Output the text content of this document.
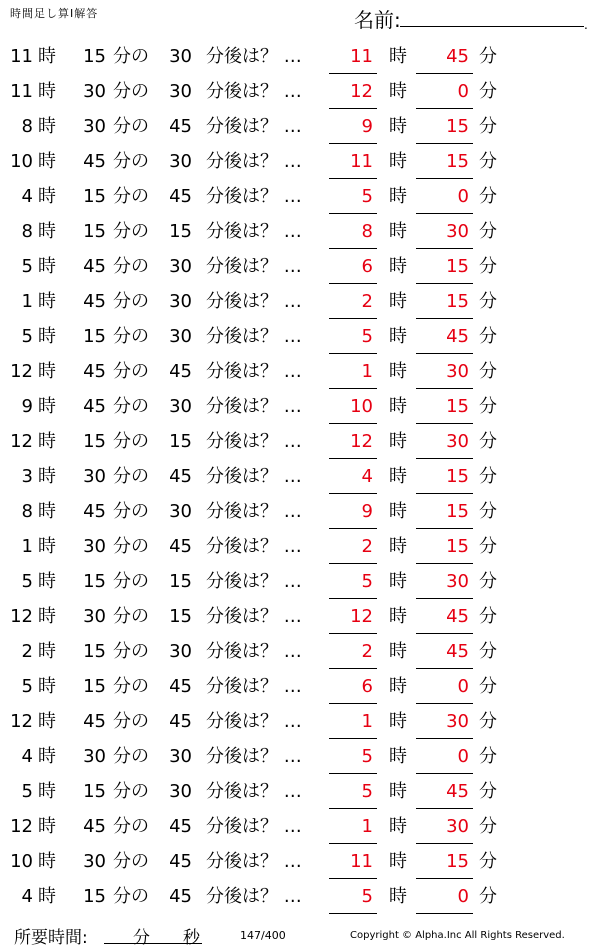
時間足し算Ⅰ解答	名前:	.
11 時 15 分の 30 分後は？ …	11 時	45 分
11 時 30 分の 30 分後は？ …	12 時	0 分
8 時 30 分の 45 分後は？ …	9 時	15 分
10 時 45 分の 30 分後は？ …	11 時	15 分
4 時 15 分の 45 分後は？ …	5 時	0 分
8 時 15 分の 15 分後は？ …	8 時	30 分
5 時 45 分の 30 分後は？ …	6 時	15 分
1 時 45 分の 30 分後は？ …	2 時	15 分
5 時 15 分の 30 分後は？ …	5 時	45 分
12 時 45 分の 45 分後は？ …	1 時	30 分
9 時 45 分の 30 分後は？ …	10 時	15 分
12 時 15 分の 15 分後は？ …	12 時	30 分
3 時 30 分の 45 分後は？ …	4 時	15 分
8 時 45 分の 30 分後は？ …	9 時	15 分
1 時 30 分の 45 分後は？ …	2 時	15 分
5 時 15 分の 15 分後は？ …	5 時	30 分
12 時 30 分の 15 分後は？ …	12 時	45 分
2 時 15 分の 30 分後は？ …	2 時	45 分
5 時 15 分の 45 分後は？ …	6 時	0 分
12 時 45 分の 45 分後は？ …	1 時	30 分
4 時 30 分の 30 分後は？ …	5 時	0 分
5 時 15 分の 30 分後は？ …	5 時	45 分
12 時 45 分の 45 分後は？ …	1 時	30 分
10 時 30 分の 45 分後は？ …	11 時	15 分
4 時 15 分の 45 分後は？ …	5 時	0 分
所要時間:	分 秒	147/400	Copyright © Alpha.Inc All Rights Reserved.
